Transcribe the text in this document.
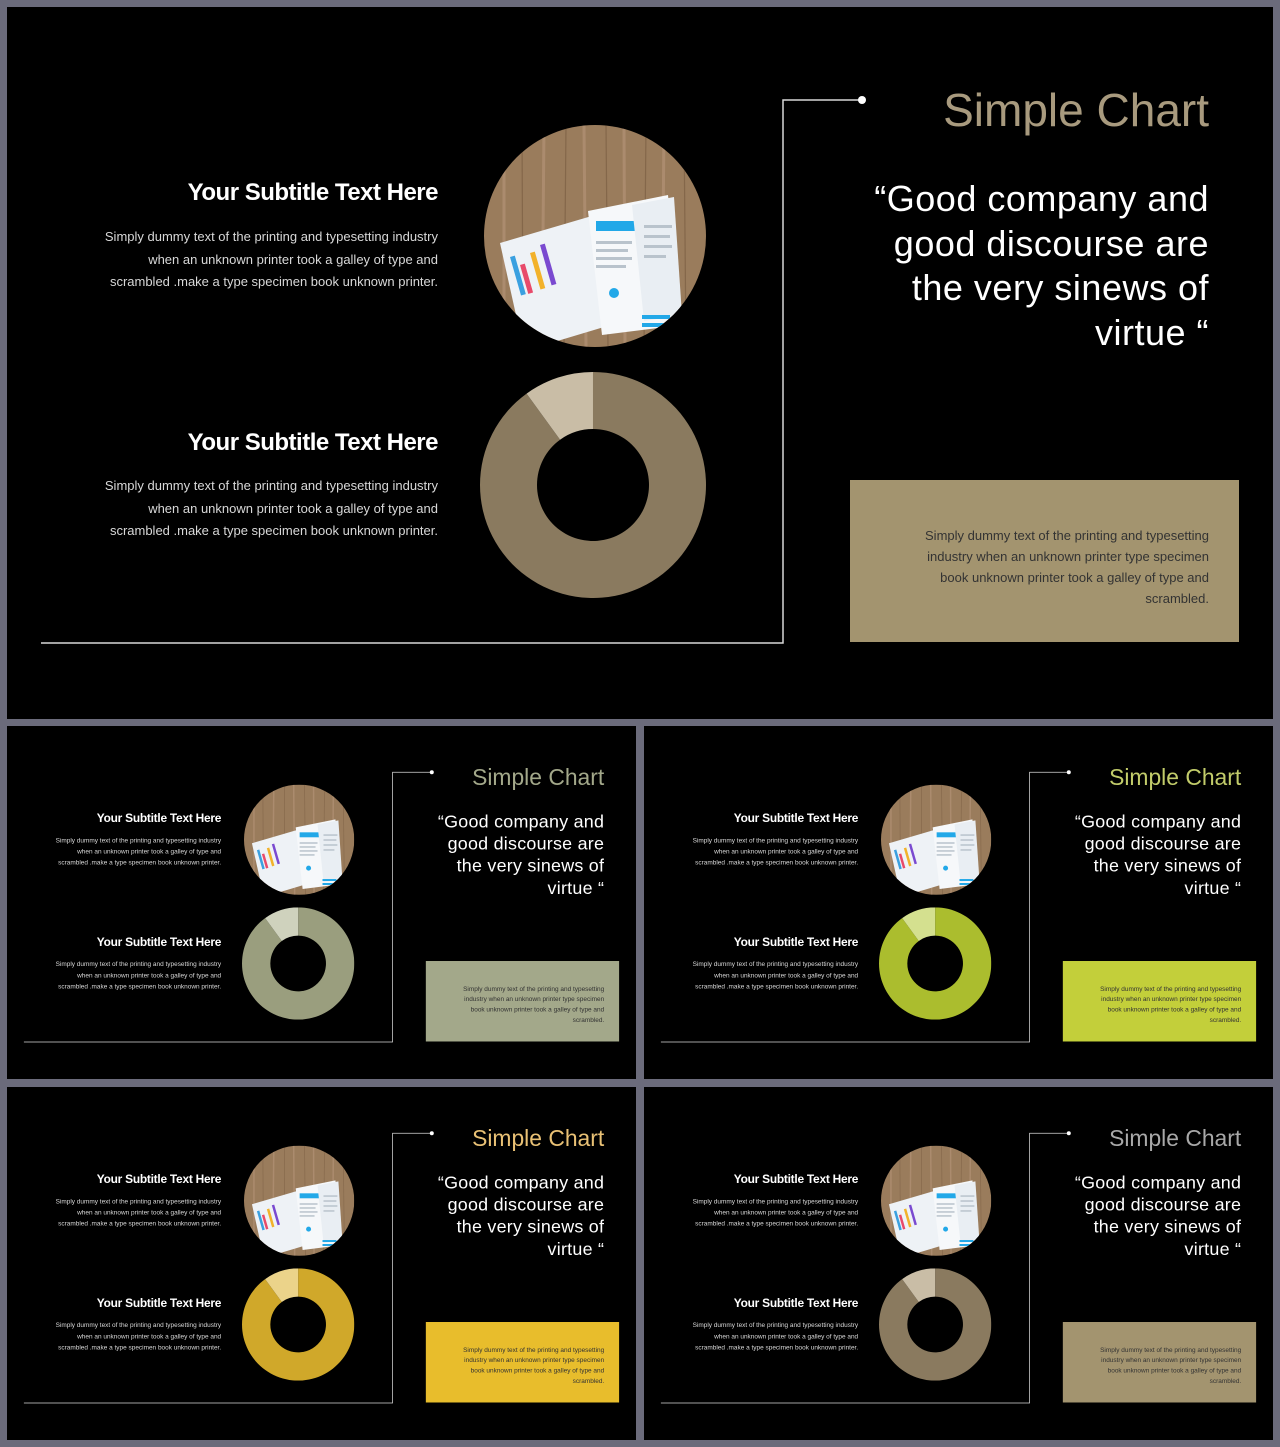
Simple Chart
“Good company and good discourse are the very sinews of virtue “
Your Subtitle Text Here
Simply dummy text of the printing and typesetting industry when an unknown printer took a galley of type and scrambled .make a type specimen book unknown printer.
Your Subtitle Text Here
Simply dummy text of the printing and typesetting industry when an unknown printer took a galley of type and scrambled .make a type specimen book unknown printer.	Simply dummy text of the printing and typesetting industry when an unknown printer type specimen book unknown printer took a galley of type and scrambled.
Simple Chart
“Good company and good discourse are the very sinews of virtue “
Your Subtitle Text Here
Simply dummy text of the printing and typesetting industry when an unknown printer took a galley of type and scrambled .make a type specimen book unknown printer.
Your Subtitle Text Here
Simply dummy text of the printing and typesetting industry when an unknown printer took a galley of type and scrambled .make a type specimen book unknown printer.	Simply dummy text of the printing and typesetting industry when an unknown printer type specimen book unknown printer took a galley of type and scrambled.
Simple Chart
“Good company and good discourse are the very sinews of virtue “
Your Subtitle Text Here
Simply dummy text of the printing and typesetting industry when an unknown printer took a galley of type and scrambled .make a type specimen book unknown printer.
Your Subtitle Text Here
Simply dummy text of the printing and typesetting industry when an unknown printer took a galley of type and scrambled .make a type specimen book unknown printer.	Simply dummy text of the printing and typesetting industry when an unknown printer type specimen book unknown printer took a galley of type and scrambled.
Simple Chart
“Good company and good discourse are the very sinews of virtue “
Your Subtitle Text Here
Simply dummy text of the printing and typesetting industry when an unknown printer took a galley of type and scrambled .make a type specimen book unknown printer.
Your Subtitle Text Here
Simply dummy text of the printing and typesetting industry when an unknown printer took a galley of type and scrambled .make a type specimen book unknown printer.	Simply dummy text of the printing and typesetting industry when an unknown printer type specimen book unknown printer took a galley of type and scrambled.
Simple Chart
“Good company and good discourse are the very sinews of virtue “
Your Subtitle Text Here
Simply dummy text of the printing and typesetting industry when an unknown printer took a galley of type and scrambled .make a type specimen book unknown printer.
Your Subtitle Text Here
Simply dummy text of the printing and typesetting industry when an unknown printer took a galley of type and scrambled .make a type specimen book unknown printer.	Simply dummy text of the printing and typesetting industry when an unknown printer type specimen book unknown printer took a galley of type and scrambled.
